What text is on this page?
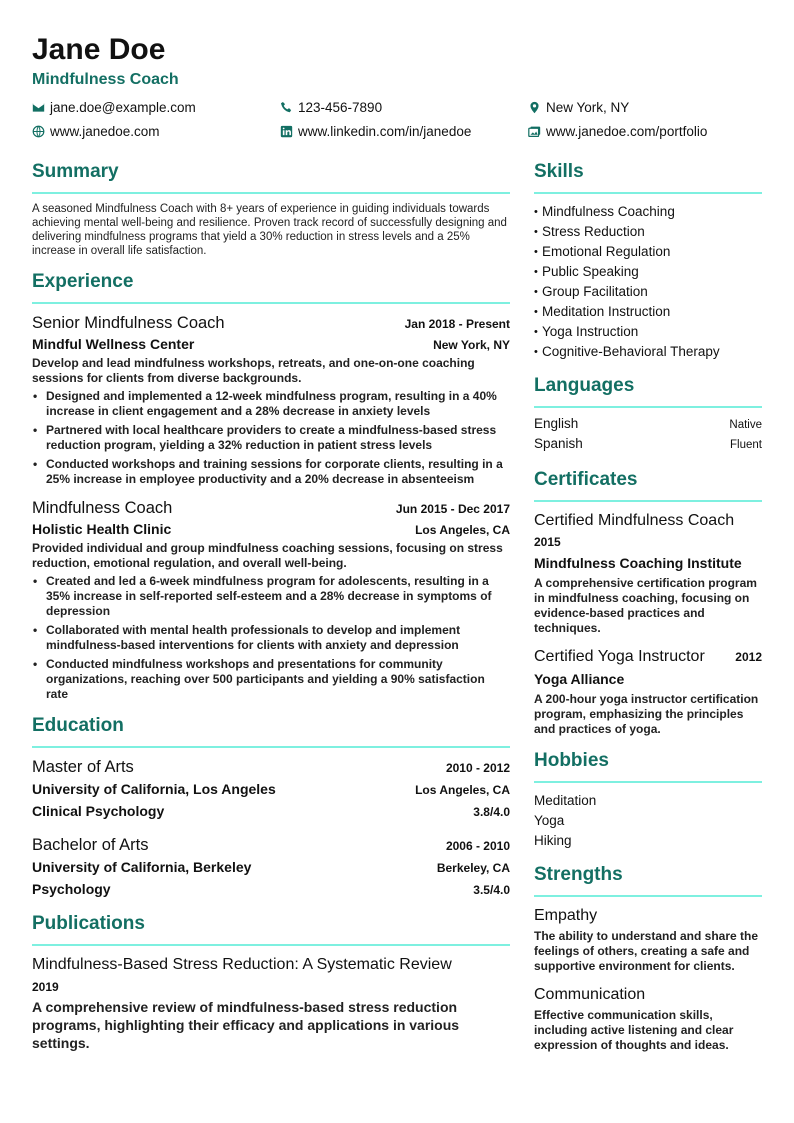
Jane Doe
Mindfulness Coach
jane.doe@example.com	123-456-7890	New York, NY
www.janedoe.com	www.linkedin.com/in/janedoe	www.janedoe.com/portfolio
Summary
A seasoned Mindfulness Coach with 8+ years of experience in guiding individuals towards achieving mental well-being and resilience. Proven track record of successfully designing and delivering mindfulness programs that yield a 30% reduction in stress levels and a 25% increase in overall life satisfaction.
Experience
Senior Mindfulness Coach	Jan 2018 - Present
Mindful Wellness Center	New York, NY
Develop and lead mindfulness workshops, retreats, and one-on-one coaching sessions for clients from diverse backgrounds.
• Designed and implemented a 12-week mindfulness program, resulting in a 40% increase in client engagement and a 28% decrease in anxiety levels
• Partnered with local healthcare providers to create a mindfulness-based stress reduction program, yielding a 32% reduction in patient stress levels
• Conducted workshops and training sessions for corporate clients, resulting in a 25% increase in employee productivity and a 20% decrease in absenteeism
Mindfulness Coach	Jun 2015 - Dec 2017
Holistic Health Clinic	Los Angeles, CA
Provided individual and group mindfulness coaching sessions, focusing on stress reduction, emotional regulation, and overall well-being.
• Created and led a 6-week mindfulness program for adolescents, resulting in a 35% increase in self-reported self-esteem and a 28% decrease in symptoms of depression
• Collaborated with mental health professionals to develop and implement mindfulness-based interventions for clients with anxiety and depression
• Conducted mindfulness workshops and presentations for community organizations, reaching over 500 participants and yielding a 90% satisfaction rate
Education
Master of Arts	2010 - 2012
University of California, Los Angeles	Los Angeles, CA
Clinical Psychology	3.8/4.0
Bachelor of Arts	2006 - 2010
University of California, Berkeley	Berkeley, CA
Psychology	3.5/4.0
Publications
Mindfulness-Based Stress Reduction: A Systematic Review
2019
A comprehensive review of mindfulness-based stress reduction programs, highlighting their efficacy and applications in various settings.
Skills
• Mindfulness Coaching
• Stress Reduction
• Emotional Regulation
• Public Speaking
• Group Facilitation
• Meditation Instruction
• Yoga Instruction
• Cognitive-Behavioral Therapy
Languages
English	Native
Spanish	Fluent
Certificates
Certified Mindfulness Coach
2015
Mindfulness Coaching Institute
A comprehensive certification program in mindfulness coaching, focusing on evidence-based practices and techniques.
Certified Yoga Instructor	2012
Yoga Alliance
A 200-hour yoga instructor certification program, emphasizing the principles and practices of yoga.
Hobbies
Meditation
Yoga
Hiking
Strengths
Empathy
The ability to understand and share the feelings of others, creating a safe and supportive environment for clients.
Communication
Effective communication skills, including active listening and clear expression of thoughts and ideas.
